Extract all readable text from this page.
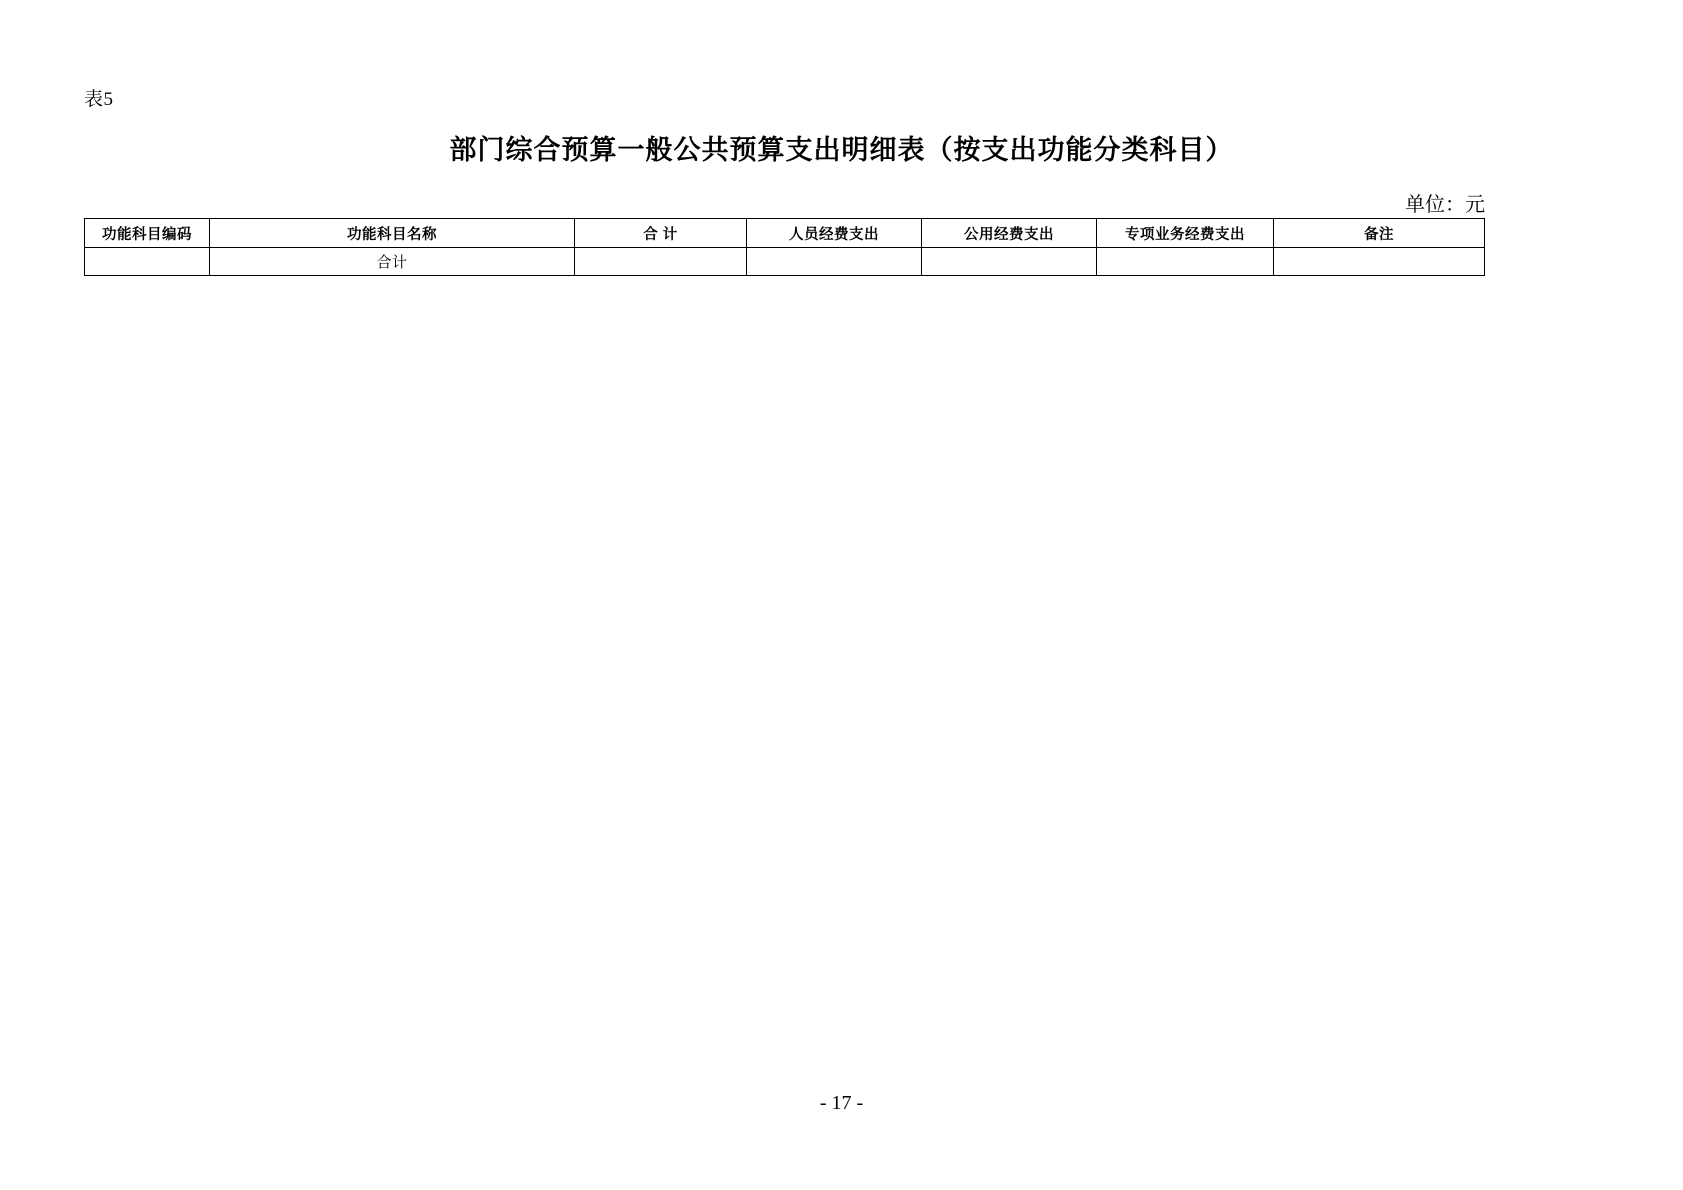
表5
部门综合预算一般公共预算支出明细表（按支出功能分类科目）
单位：元
功能科目编码	功能科目名称	合 计	人员经费支出	公用经费支出	专项业务经费支出	备注
	合计					
- 17 -
